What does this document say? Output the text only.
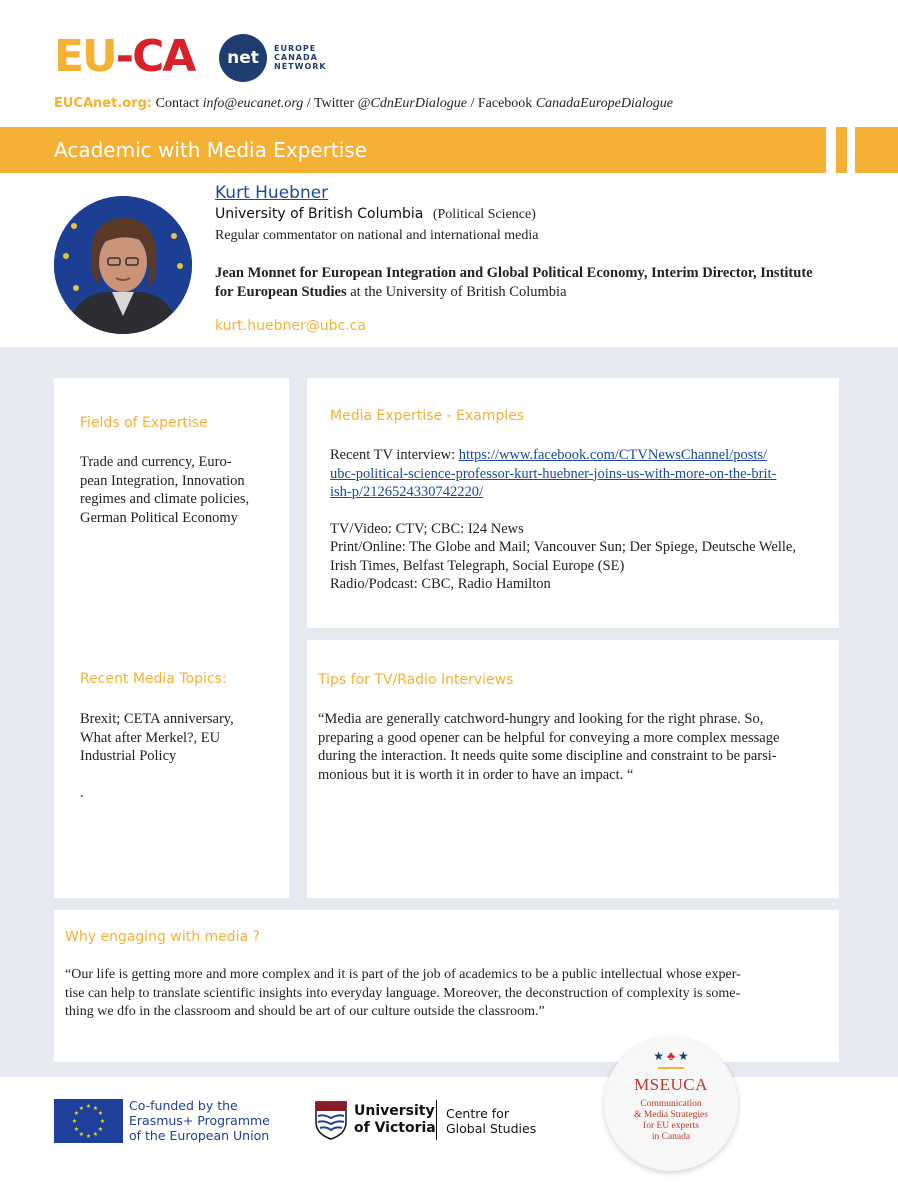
EU-CA	net	EUROPE
CANADA
NETWORK
EUCAnet.org: Contact info@eucanet.org / Twitter @CdnEurDialogue / Facebook CanadaEuropeDialogue
Academic with Media Expertise
Kurt Huebner
University of British Columbia (Political Science)
Regular commentator on national and international media
Jean Monnet for European Integration and Global Political Economy, Interim Director, Institute for European Studies at the University of British Columbia
kurt.huebner@ubc.ca
Fields of Expertise
Trade and currency, Euro-
pean Integration, Innovation
regimes and climate policies,
German Political Economy
Recent Media Topics:
Brexit; CETA anniversary,
What after Merkel?, EU
Industrial Policy
.
Media Expertise - Examples
Recent TV interview: https://www.facebook.com/CTVNewsChannel/posts/
ubc-political-science-professor-kurt-huebner-joins-us-with-more-on-the-brit-
ish-p/2126524330742220/
TV/Video: CTV; CBC: I24 News
Print/Online: The Globe and Mail; Vancouver Sun; Der Spiege, Deutsche Welle,
Irish Times, Belfast Telegraph, Social Europe (SE)
Radio/Podcast: CBC, Radio Hamilton
Tips for TV/Radio Interviews
“Media are generally catchword-hungry and looking for the right phrase. So,
preparing a good opener can be helpful for conveying a more complex message
during the interaction. It needs quite some discipline and constraint to be parsi-
monious but it is worth it in order to have an impact. “
Why engaging with media ?
“Our life is getting more and more complex and it is part of the job of academics to be a public intellectual whose exper-
tise can help to translate scientific insights into everyday language. Moreover, the deconstruction of complexity is some-
thing we dfo in the classroom and should be art of our culture outside the classroom.”
★ ★
★
★
★
★
★
★
★
★
★
★	Co-funded by the
Erasmus+ Programme
of the European Union
University
of Victoria
Centre for
Global Studies
★ ♣ ★
MSEUCA
Communication
& Media Strategies
for EU experts
in Canada
